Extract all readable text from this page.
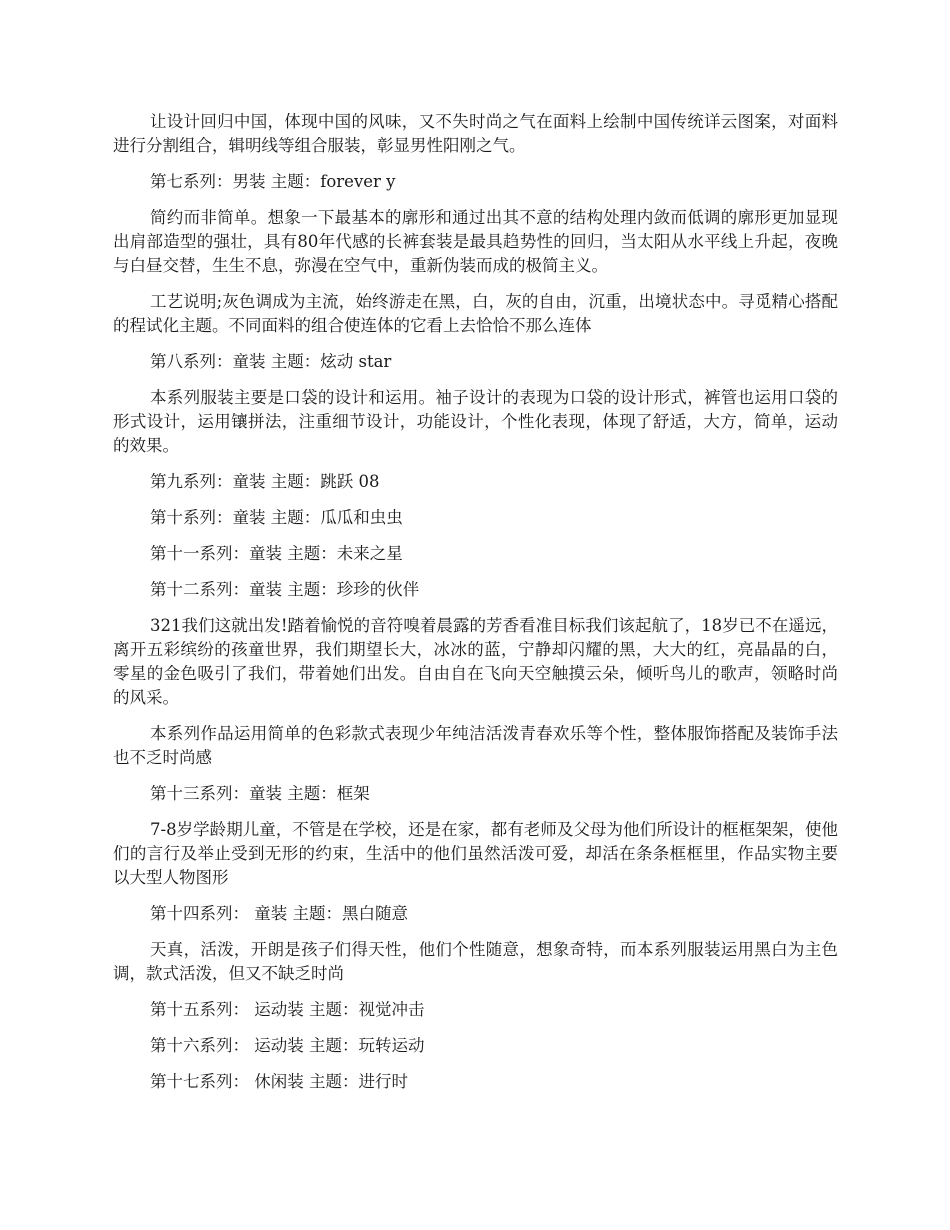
让设计回归中国，体现中国的风味，又不失时尚之气在面料上绘制中国传统详云图案，对面料进行分割组合，辑明线等组合服装，彰显男性阳刚之气。

第七系列：男装 主题：forever y

简约而非简单。想象一下最基本的廓形和通过出其不意的结构处理内敛而低调的廓形更加显现出肩部造型的强壮，具有80年代感的长裤套装是最具趋势性的回归，当太阳从水平线上升起，夜晚与白昼交替，生生不息，弥漫在空气中，重新伪装而成的极简主义。

工艺说明;灰色调成为主流，始终游走在黑，白，灰的自由，沉重，出境状态中。寻觅精心搭配的程试化主题。不同面料的组合使连体的它看上去恰恰不那么连体

第八系列：童装 主题：炫动 star

本系列服装主要是口袋的设计和运用。袖子设计的表现为口袋的设计形式，裤管也运用口袋的形式设计，运用镶拼法，注重细节设计，功能设计，个性化表现，体现了舒适，大方，简单，运动的效果。

第九系列：童装 主题：跳跃 08

第十系列：童装 主题：瓜瓜和虫虫

第十一系列：童装 主题：未来之星

第十二系列：童装 主题：珍珍的伙伴

321我们这就出发!踏着愉悦的音符嗅着晨露的芳香看准目标我们该起航了，18岁已不在遥远，离开五彩缤纷的孩童世界，我们期望长大，冰冰的蓝，宁静却闪耀的黑，大大的红，亮晶晶的白，零星的金色吸引了我们，带着她们出发。自由自在飞向天空触摸云朵，倾听鸟儿的歌声，领略时尚的风采。

本系列作品运用简单的色彩款式表现少年纯洁活泼青春欢乐等个性，整体服饰搭配及装饰手法也不乏时尚感

第十三系列：童装 主题：框架

7-8岁学龄期儿童，不管是在学校，还是在家，都有老师及父母为他们所设计的框框架架，使他们的言行及举止受到无形的约束，生活中的他们虽然活泼可爱，却活在条条框框里，作品实物主要以大型人物图形

第十四系列： 童装 主题：黑白随意

天真，活泼，开朗是孩子们得天性，他们个性随意，想象奇特，而本系列服装运用黑白为主色调，款式活泼，但又不缺乏时尚

第十五系列： 运动装 主题：视觉冲击

第十六系列： 运动装 主题：玩转运动

第十七系列： 休闲装 主题：进行时
